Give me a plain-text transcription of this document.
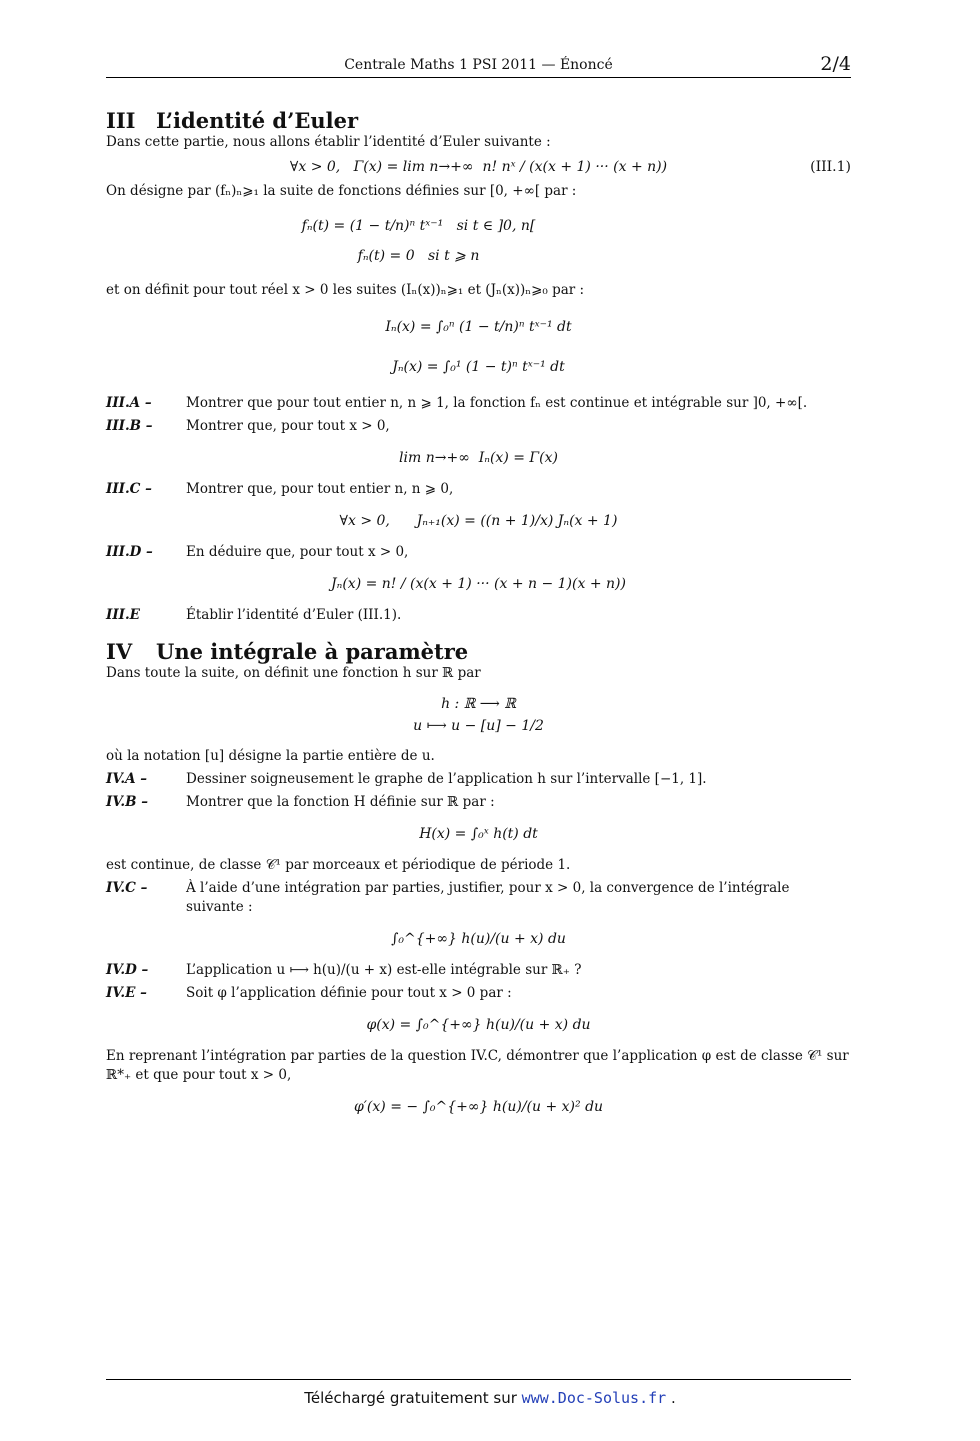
Centrale Maths 1 PSI 2011 — Énoncé	2/4
III L’identité d’Euler

Dans cette partie, nous allons établir l’identité d’Euler suivante :

∀x > 0,   Γ(x) = lim n→+∞  n! nˣ / (x(x + 1) ··· (x + n))	(III.1)

On désigne par (fₙ)ₙ⩾₁ la suite de fonctions définies sur [0, +∞[ par :

fₙ(t) = (1 − t/n)ⁿ tˣ⁻¹   si t ∈ ]0, n[
fₙ(t) = 0   si t ⩾ n

et on définit pour tout réel x > 0 les suites (Iₙ(x))ₙ⩾₁ et (Jₙ(x))ₙ⩾₀ par :

Iₙ(x) = ∫₀ⁿ (1 − t/n)ⁿ tˣ⁻¹ dt
Jₙ(x) = ∫₀¹ (1 − t)ⁿ tˣ⁻¹ dt
III.A –	Montrer que pour tout entier n, n ⩾ 1, la fonction fₙ est continue et intégrable sur ]0, +∞[.
III.B –	Montrer que, pour tout x > 0,
lim n→+∞  Iₙ(x) = Γ(x)
III.C –	Montrer que, pour tout entier n, n ⩾ 0,
∀x > 0,      Jₙ₊₁(x) = ((n + 1)/x) Jₙ(x + 1)
III.D –	En déduire que, pour tout x > 0,
Jₙ(x) = n! / (x(x + 1) ··· (x + n − 1)(x + n))
III.E	Établir l’identité d’Euler (III.1).
IV Une intégrale à paramètre

Dans toute la suite, on définit une fonction h sur ℝ par

h : ℝ ⟶ ℝ
u ⟼ u − [u] − 1/2

où la notation [u] désigne la partie entière de u.

IV.A –	Dessiner soigneusement le graphe de l’application h sur l’intervalle [−1, 1].
IV.B –	Montrer que la fonction H définie sur ℝ par :
H(x) = ∫₀ˣ h(t) dt

est continue, de classe 𝒞¹ par morceaux et périodique de période 1.

IV.C –	À l’aide d’une intégration par parties, justifier, pour x > 0, la convergence de l’intégrale suivante :
∫₀^{+∞} h(u)/(u + x) du
IV.D –	L’application u ⟼ h(u)/(u + x) est-elle intégrable sur ℝ₊ ?
IV.E –	Soit φ l’application définie pour tout x > 0 par :
φ(x) = ∫₀^{+∞} h(u)/(u + x) du

En reprenant l’intégration par parties de la question IV.C, démontrer que l’application φ est de classe 𝒞¹ sur ℝ*₊ et que pour tout x > 0,

φ′(x) = − ∫₀^{+∞} h(u)/(u + x)² du
Téléchargé gratuitement sur www.Doc-Solus.fr .
